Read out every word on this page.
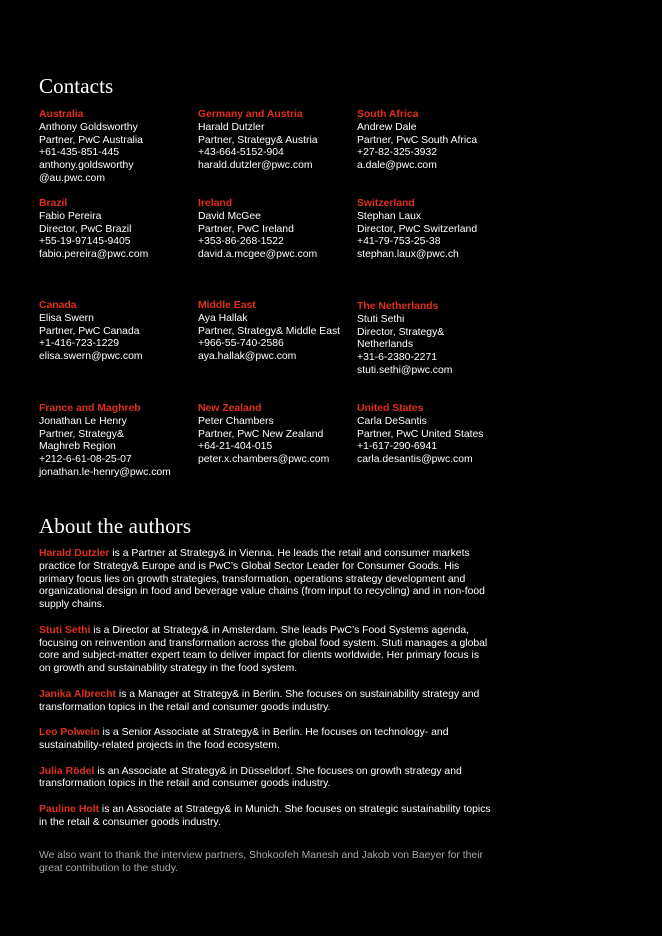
Contacts
Australia
Anthony Goldsworthy
Partner, PwC Australia
+61-435-851-445
anthony.goldsworthy
@au.pwc.com
Germany and Austria
Harald Dutzler
Partner, Strategy& Austria
+43-664-5152-904
harald.dutzler@pwc.com
South Africa
Andrew Dale
Partner, PwC South Africa
+27-82-325-3932
a.dale@pwc.com
Brazil
Fabio Pereira
Director, PwC Brazil
+55-19-97145-9405
fabio.pereira@pwc.com
Ireland
David McGee
Partner, PwC Ireland
+353-86-268-1522
david.a.mcgee@pwc.com
Switzerland
Stephan Laux
Director, PwC Switzerland
+41-79-753-25-38
stephan.laux@pwc.ch
Canada
Elisa Swern
Partner, PwC Canada
+1-416-723-1229
elisa.swern@pwc.com
Middle East
Aya Hallak
Partner, Strategy& Middle East
+966-55-740-2586
aya.hallak@pwc.com
The Netherlands
Stuti Sethi
Director, Strategy&
Netherlands
+31-6-2380-2271
stuti.sethi@pwc.com
France and Maghreb
Jonathan Le Henry
Partner, Strategy&
Maghreb Region
+212-6-61-08-25-07
jonathan.le-henry@pwc.com
New Zealand
Peter Chambers
Partner, PwC New Zealand
+64-21-404-015
peter.x.chambers@pwc.com
United States
Carla DeSantis
Partner, PwC United States
+1-617-290-6941
carla.desantis@pwc.com
About the authors

Harald Dutzler is a Partner at Strategy& in Vienna. He leads the retail and consumer markets practice for Strategy& Europe and is PwC’s Global Sector Leader for Consumer Goods. His primary focus lies on growth strategies, transformation, operations strategy development and organizational design in food and beverage value chains (from input to recycling) and in non-food supply chains.

Stuti Sethi is a Director at Strategy& in Amsterdam. She leads PwC’s Food Systems agenda, focusing on reinvention and transformation across the global food system. Stuti manages a global core and subject-matter expert team to deliver impact for clients worldwide. Her primary focus is on growth and sustainability strategy in the food system.

Janika Albrecht is a Manager at Strategy& in Berlin. She focuses on sustainability strategy and transformation topics in the retail and consumer goods industry.

Leo Polwein is a Senior Associate at Strategy& in Berlin. He focuses on technology- and sustainability-related projects in the food ecosystem.

Julia Rödel is an Associate at Strategy& in Düsseldorf. She focuses on growth strategy and transformation topics in the retail and consumer goods industry.

Pauline Holt is an Associate at Strategy& in Munich. She focuses on strategic sustainability topics in the retail & consumer goods industry.

We also want to thank the interview partners, Shokoofeh Manesh and Jakob von Baeyer for their great contribution to the study.
